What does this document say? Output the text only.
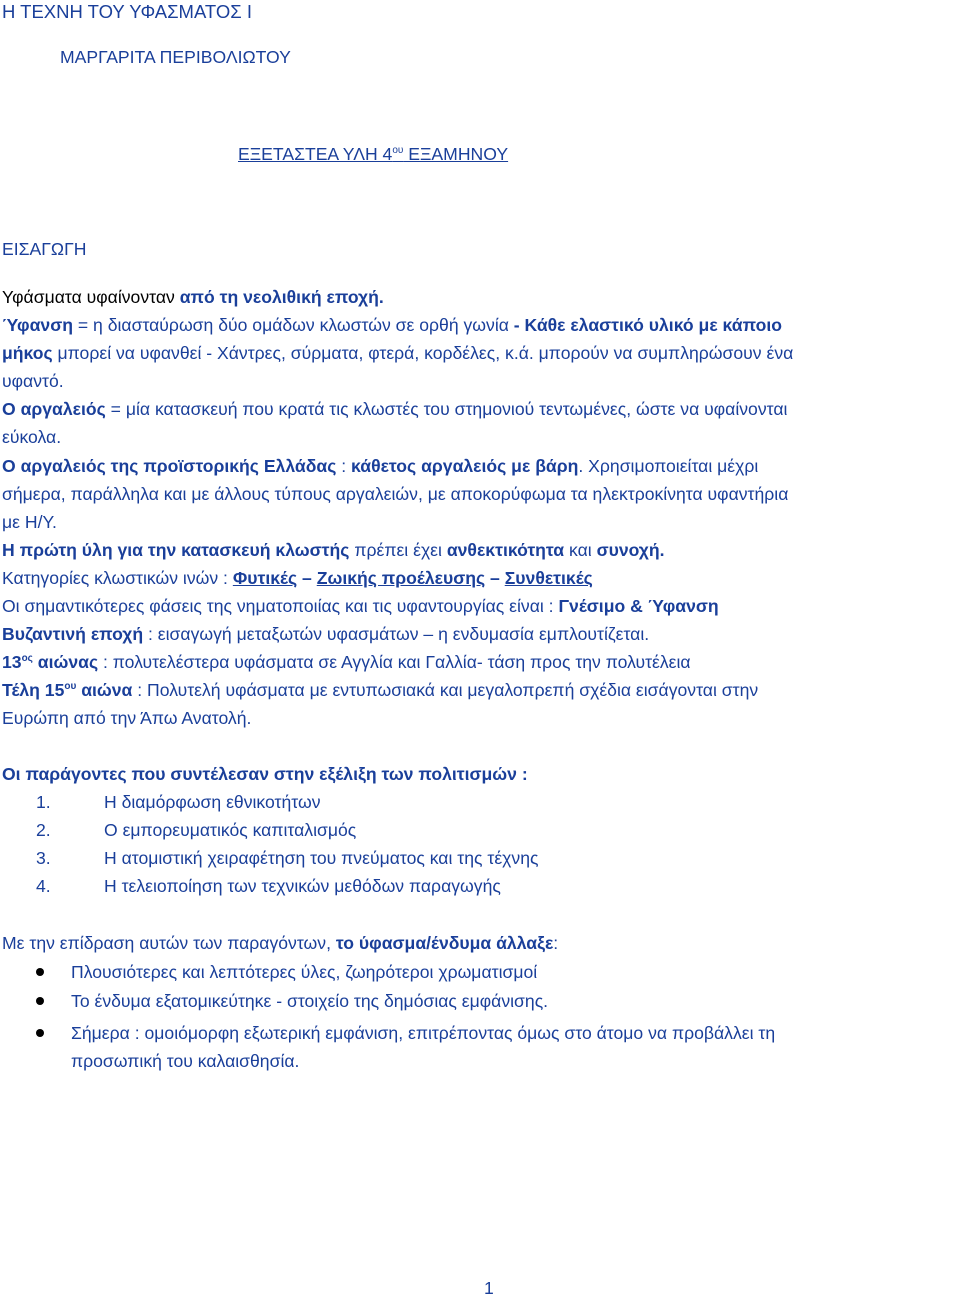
Η ΤΕΧΝΗ ΤΟΥ ΥΦΑΣΜΑΤΟΣ Ι
ΜΑΡΓΑΡΙΤΑ ΠΕΡΙΒΟΛΙΩΤΟΥ
ΕΞΕΤΑΣΤΕΑ ΥΛΗ $4^{o\upsilon}$ ΕΞΑΜΗΝΟΥ
ΕΙΣΑΓΩΓΗ
Υφάσματα υφαίνονταν από τη νεολιθική εποχή.
Ύφανση = η διασταύρωση δύο ομάδων κλωστών σε ορθή γωνία - Κάθε ελαστικό υλικό με κάποιο
μήκος μπορεί να υφανθεί - Χάντρες, σύρματα, φτερά, κορδέλες, κ.ά. μπορούν να συμπληρώσουν ένα
υφαντό.
Ο αργαλειός = μία κατασκευή που κρατά τις κλωστές του στημονιού τεντωμένες, ώστε να υφαίνονται
εύκολα.
Ο αργαλειός της προϊστορικής Ελλάδας : κάθετος αργαλειός με βάρη. Χρησιμοποιείται μέχρι
σήμερα, παράλληλα και με άλλους τύπους αργαλειών, με αποκορύφωμα τα ηλεκτροκίνητα υφαντήρια
με Η/Υ.
Η πρώτη ύλη για την κατασκευή κλωστής πρέπει έχει ανθεκτικότητα και συνοχή.
Κατηγορίες κλωστικών ινών : Φυτικές – Ζωικής προέλευσης – Συνθετικές
Οι σημαντικότερες φάσεις της νηματοποιίας και τις υφαντουργίας είναι : Γνέσιμο & Ύφανση
Βυζαντινή εποχή : εισαγωγή μεταξωτών υφασμάτων – η ενδυμασία εμπλουτίζεται.
$13^{o\varsigma}$ αιώνας : πολυτελέστερα υφάσματα σε Αγγλία και Γαλλία- τάση προς την πολυτέλεια
Τέλη $15^{o\upsilon}$ αιώνα : Πολυτελή υφάσματα με εντυπωσιακά και μεγαλοπρεπή σχέδια εισάγονται στην
Ευρώπη από την Άπω Ανατολή.
Οι παράγοντες που συντέλεσαν στην εξέλιξη των πολιτισμών :
1.	Η διαμόρφωση εθνικοτήτων
2.	Ο εμπορευματικός καπιταλισμός
3.	Η ατομιστική χειραφέτηση του πνεύματος και της τέχνης
4.	Η τελειοποίηση των τεχνικών μεθόδων παραγωγής
Με την επίδραση αυτών των παραγόντων, το ύφασμα/ένδυμα άλλαξε:
Πλουσιότερες και λεπτότερες ύλες, ζωηρότεροι χρωματισμοί
Το ένδυμα εξατομικεύτηκε - στοιχείο της δημόσιας εμφάνισης.
Σήμερα : ομοιόμορφη εξωτερική εμφάνιση, επιτρέποντας όμως στο άτομο να προβάλλει τη
προσωπική του καλαισθησία.
1
